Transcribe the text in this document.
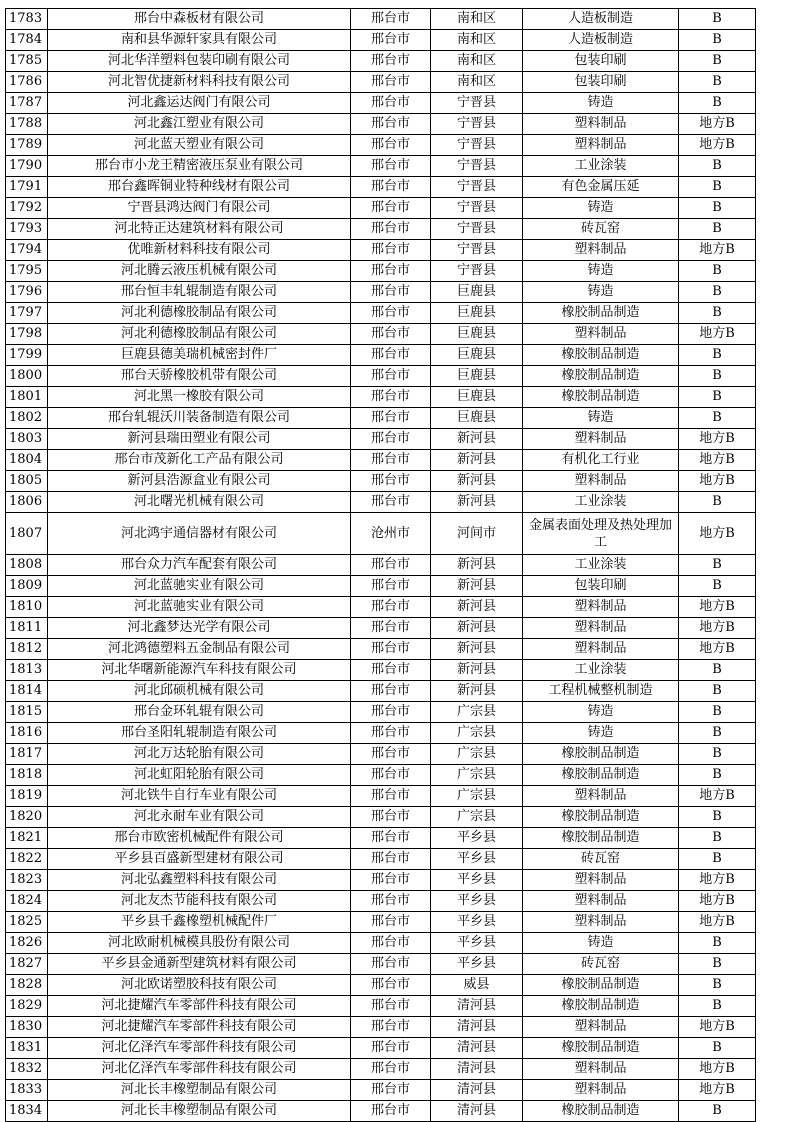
1783	邢台中森板材有限公司	邢台市	南和区	人造板制造	B
1784	南和县华源轩家具有限公司	邢台市	南和区	人造板制造	B
1785	河北华洋塑料包装印刷有限公司	邢台市	南和区	包装印刷	B
1786	河北智优捷新材料科技有限公司	邢台市	南和区	包装印刷	B
1787	河北鑫运达阀门有限公司	邢台市	宁晋县	铸造	B
1788	河北鑫江塑业有限公司	邢台市	宁晋县	塑料制品	地方B
1789	河北蓝天塑业有限公司	邢台市	宁晋县	塑料制品	地方B
1790	邢台市小龙王精密液压泵业有限公司	邢台市	宁晋县	工业涂装	B
1791	邢台鑫晖铜业特种线材有限公司	邢台市	宁晋县	有色金属压延	B
1792	宁晋县鸿达阀门有限公司	邢台市	宁晋县	铸造	B
1793	河北特正达建筑材料有限公司	邢台市	宁晋县	砖瓦窑	B
1794	优唯新材料科技有限公司	邢台市	宁晋县	塑料制品	地方B
1795	河北腾云液压机械有限公司	邢台市	宁晋县	铸造	B
1796	邢台恒丰轧辊制造有限公司	邢台市	巨鹿县	铸造	B
1797	河北利德橡胶制品有限公司	邢台市	巨鹿县	橡胶制品制造	B
1798	河北利德橡胶制品有限公司	邢台市	巨鹿县	塑料制品	地方B
1799	巨鹿县德美瑞机械密封件厂	邢台市	巨鹿县	橡胶制品制造	B
1800	邢台天骄橡胶机带有限公司	邢台市	巨鹿县	橡胶制品制造	B
1801	河北黑一橡胶有限公司	邢台市	巨鹿县	橡胶制品制造	B
1802	邢台轧辊沃川装备制造有限公司	邢台市	巨鹿县	铸造	B
1803	新河县瑞田塑业有限公司	邢台市	新河县	塑料制品	地方B
1804	邢台市茂新化工产品有限公司	邢台市	新河县	有机化工行业	地方B
1805	新河县浩源盒业有限公司	邢台市	新河县	塑料制品	地方B
1806	河北曙光机械有限公司	邢台市	新河县	工业涂装	B
1807	河北鸿宇通信器材有限公司	沧州市	河间市	金属表面处理及热处理加工	地方B
1808	邢台众力汽车配套有限公司	邢台市	新河县	工业涂装	B
1809	河北蓝驰实业有限公司	邢台市	新河县	包装印刷	B
1810	河北蓝驰实业有限公司	邢台市	新河县	塑料制品	地方B
1811	河北鑫梦达光学有限公司	邢台市	新河县	塑料制品	地方B
1812	河北鸿德塑料五金制品有限公司	邢台市	新河县	塑料制品	地方B
1813	河北华曙新能源汽车科技有限公司	邢台市	新河县	工业涂装	B
1814	河北邱硕机械有限公司	邢台市	新河县	工程机械整机制造	B
1815	邢台金环轧辊有限公司	邢台市	广宗县	铸造	B
1816	邢台圣阳轧辊制造有限公司	邢台市	广宗县	铸造	B
1817	河北万达轮胎有限公司	邢台市	广宗县	橡胶制品制造	B
1818	河北虹阳轮胎有限公司	邢台市	广宗县	橡胶制品制造	B
1819	河北铁牛自行车业有限公司	邢台市	广宗县	塑料制品	地方B
1820	河北永耐车业有限公司	邢台市	广宗县	橡胶制品制造	B
1821	邢台市欧密机械配件有限公司	邢台市	平乡县	橡胶制品制造	B
1822	平乡县百盛新型建材有限公司	邢台市	平乡县	砖瓦窑	B
1823	河北弘鑫塑料科技有限公司	邢台市	平乡县	塑料制品	地方B
1824	河北友杰节能科技有限公司	邢台市	平乡县	塑料制品	地方B
1825	平乡县千鑫橡塑机械配件厂	邢台市	平乡县	塑料制品	地方B
1826	河北欧耐机械模具股份有限公司	邢台市	平乡县	铸造	B
1827	平乡县金通新型建筑材料有限公司	邢台市	平乡县	砖瓦窑	B
1828	河北欧诺塑胶科技有限公司	邢台市	威县	橡胶制品制造	B
1829	河北捷耀汽车零部件科技有限公司	邢台市	清河县	橡胶制品制造	B
1830	河北捷耀汽车零部件科技有限公司	邢台市	清河县	塑料制品	地方B
1831	河北亿泽汽车零部件科技有限公司	邢台市	清河县	橡胶制品制造	B
1832	河北亿泽汽车零部件科技有限公司	邢台市	清河县	塑料制品	地方B
1833	河北长丰橡塑制品有限公司	邢台市	清河县	塑料制品	地方B
1834	河北长丰橡塑制品有限公司	邢台市	清河县	橡胶制品制造	B
